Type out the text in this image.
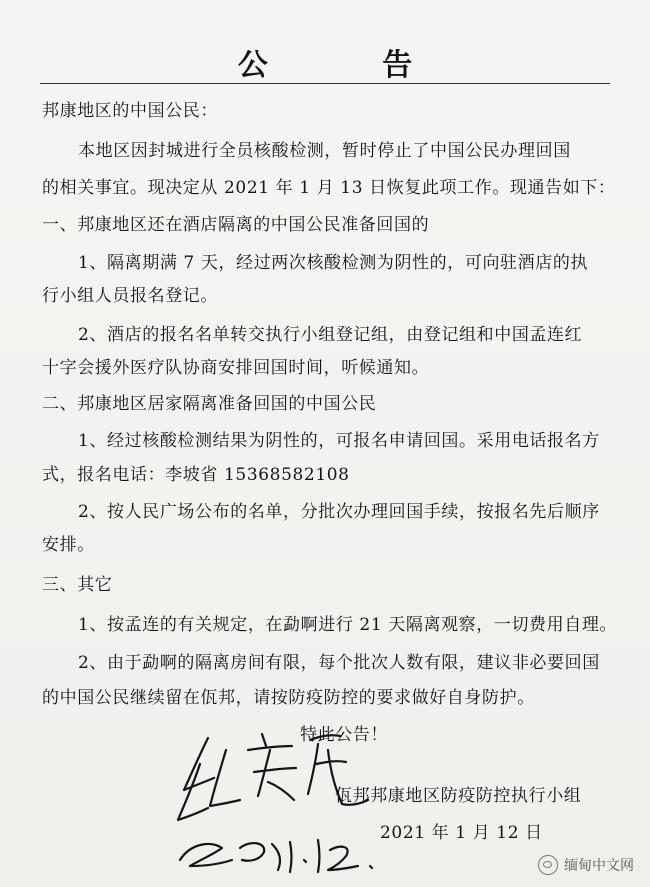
公 告
邦康地区的中国公民：
本地区因封城进行全员核酸检测，暂时停止了中国公民办理回国
的相关事宜。现决定从 2021 年 1 月 13 日恢复此项工作。现通告如下：
一、邦康地区还在酒店隔离的中国公民准备回国的
1、隔离期满 7 天，经过两次核酸检测为阴性的，可向驻酒店的执
行小组人员报名登记。
2、酒店的报名名单转交执行小组登记组，由登记组和中国孟连红
十字会援外医疗队协商安排回国时间，听候通知。
二、邦康地区居家隔离准备回国的中国公民
1、经过核酸检测结果为阴性的，可报名申请回国。采用电话报名方
式，报名电话：李坡省 15368582108
2、按人民广场公布的名单，分批次办理回国手续，按报名先后顺序
安排。
三、其它
1、按孟连的有关规定，在勐啊进行 21 天隔离观察，一切费用自理。
2、由于勐啊的隔离房间有限，每个批次人数有限，建议非必要回国
的中国公民继续留在佤邦，请按防疫防控的要求做好自身防护。
特此公告！
佤邦邦康地区防疫防控执行小组
2021 年 1 月 12 日
缅甸中文网
